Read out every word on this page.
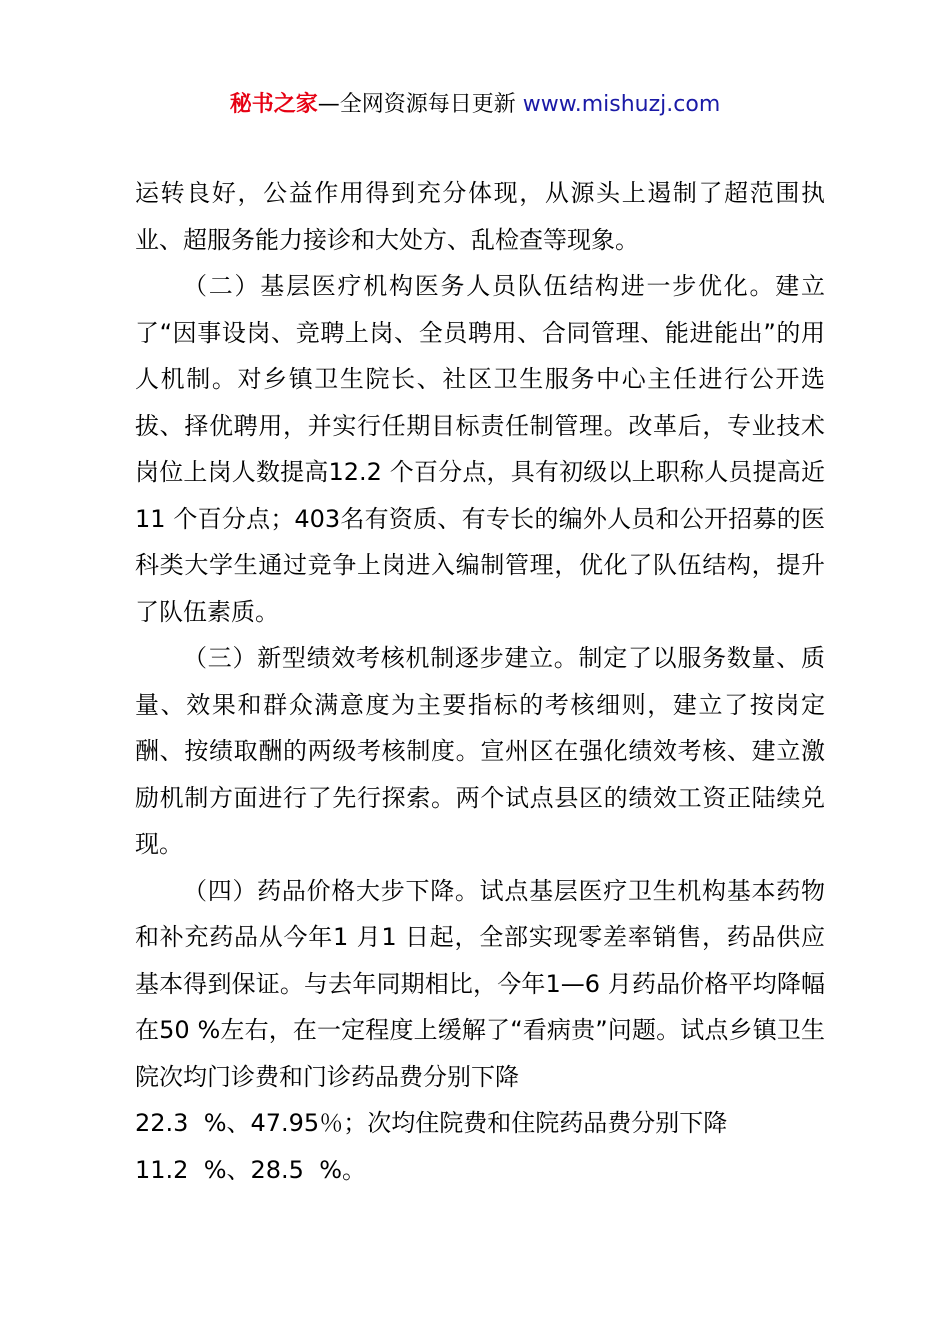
秘书之家—全网资源每日更新 www.mishuzj.com

运转良好，公益作用得到充分体现，从源头上遏制了超范围执业、超服务能力接诊和大处方、乱检查等现象。

（二）基层医疗机构医务人员队伍结构进一步优化。建立了“因事设岗、竞聘上岗、全员聘用、合同管理、能进能出”的用人机制。对乡镇卫生院长、社区卫生服务中心主任进行公开选拔、择优聘用，并实行任期目标责任制管理。改革后，专业技术岗位上岗人数提高12.2 个百分点，具有初级以上职称人员提高近11 个百分点；403名有资质、有专长的编外人员和公开招募的医科类大学生通过竞争上岗进入编制管理，优化了队伍结构，提升了队伍素质。

（三）新型绩效考核机制逐步建立。制定了以服务数量、质量、效果和群众满意度为主要指标的考核细则，建立了按岗定酬、按绩取酬的两级考核制度。宣州区在强化绩效考核、建立激励机制方面进行了先行探索。两个试点县区的绩效工资正陆续兑现。

（四）药品价格大步下降。试点基层医疗卫生机构基本药物和补充药品从今年1 月1 日起，全部实现零差率销售，药品供应基本得到保证。与去年同期相比，今年1—6 月药品价格平均降幅在50 %左右，在一定程度上缓解了“看病贵”问题。试点乡镇卫生院次均门诊费和门诊药品费分别下降

22.3  %、47.95％；次均住院费和住院药品费分别下降

11.2  %、28.5  %。
